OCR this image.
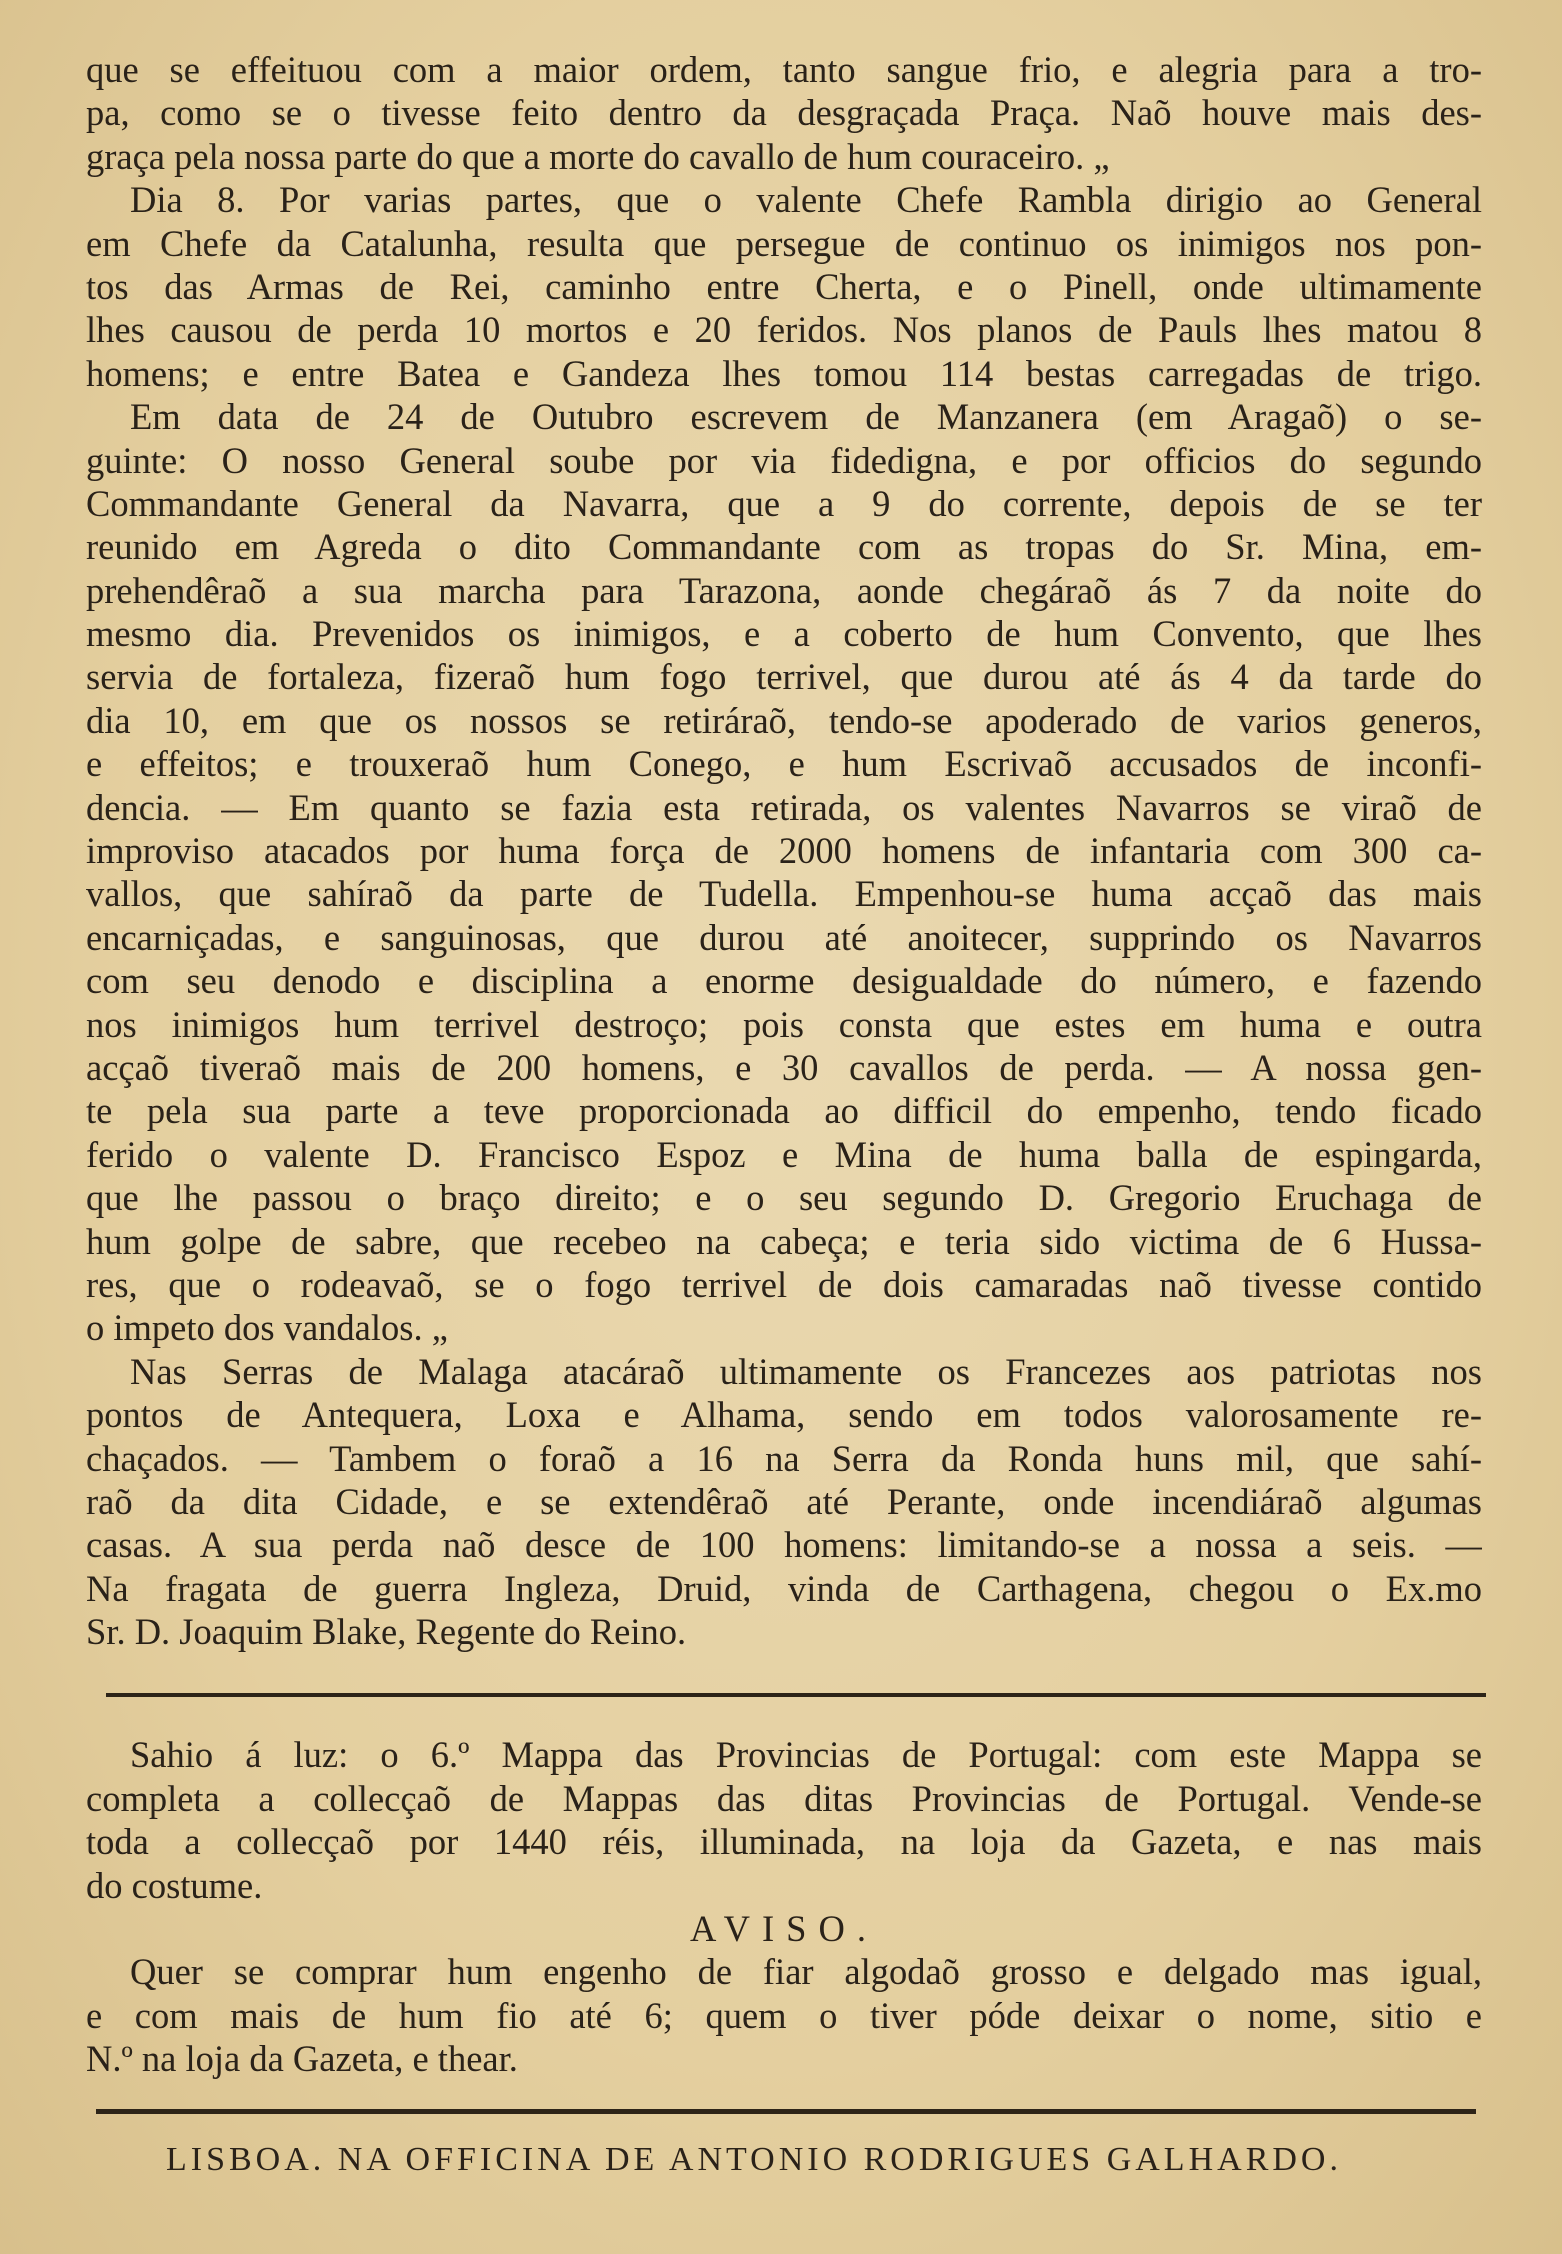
que se effeituou com a maior ordem, tanto sangue frio, e alegria para a tro-

pa, como se o tivesse feito dentro da desgraçada Praça. Naõ houve mais des-

graça pela nossa parte do que a morte do cavallo de hum couraceiro. „

Dia 8. Por varias partes, que o valente Chefe Rambla dirigio ao General

em Chefe da Catalunha, resulta que persegue de continuo os inimigos nos pon-

tos das Armas de Rei, caminho entre Cherta, e o Pinell, onde ultimamente

lhes causou de perda 10 mortos e 20 feridos. Nos planos de Pauls lhes matou 8

homens; e entre Batea e Gandeza lhes tomou 114 bestas carregadas de trigo.

Em data de 24 de Outubro escrevem de Manzanera (em Aragaõ) o se-

guinte: O nosso General soube por via fidedigna, e por officios do segundo

Commandante General da Navarra, que a 9 do corrente, depois de se ter

reunido em Agreda o dito Commandante com as tropas do Sr. Mina, em-

prehendêraõ a sua marcha para Tarazona, aonde chegáraõ ás 7 da noite do

mesmo dia. Prevenidos os inimigos, e a coberto de hum Convento, que lhes

servia de fortaleza, fizeraõ hum fogo terrivel, que durou até ás 4 da tarde do

dia 10, em que os nossos se retiráraõ, tendo-se apoderado de varios generos,

e effeitos; e trouxeraõ hum Conego, e hum Escrivaõ accusados de inconfi-

dencia. — Em quanto se fazia esta retirada, os valentes Navarros se viraõ de

improviso atacados por huma força de 2000 homens de infantaria com 300 ca-

vallos, que sahíraõ da parte de Tudella. Empenhou-se huma acçaõ das mais

encarniçadas, e sanguinosas, que durou até anoitecer, supprindo os Navarros

com seu denodo e disciplina a enorme desigualdade do número, e fazendo

nos inimigos hum terrivel destroço; pois consta que estes em huma e outra

acçaõ tiveraõ mais de 200 homens, e 30 cavallos de perda. — A nossa gen-

te pela sua parte a teve proporcionada ao difficil do empenho, tendo ficado

ferido o valente D. Francisco Espoz e Mina de huma balla de espingarda,

que lhe passou o braço direito; e o seu segundo D. Gregorio Eruchaga de

hum golpe de sabre, que recebeo na cabeça; e teria sido victima de 6 Hussa-

res, que o rodeavaõ, se o fogo terrivel de dois camaradas naõ tivesse contido

o impeto dos vandalos. „

Nas Serras de Malaga atacáraõ ultimamente os Francezes aos patriotas nos

pontos de Antequera, Loxa e Alhama, sendo em todos valorosamente re-

chaçados. — Tambem o foraõ a 16 na Serra da Ronda huns mil, que sahí-

raõ da dita Cidade, e se extendêraõ até Perante, onde incendiáraõ algumas

casas. A sua perda naõ desce de 100 homens: limitando-se a nossa a seis. —

Na fragata de guerra Ingleza, Druid, vinda de Carthagena, chegou o Ex.mo

Sr. D. Joaquim Blake, Regente do Reino.

Sahio á luz: o 6.º Mappa das Provincias de Portugal: com este Mappa se

completa a collecçaõ de Mappas das ditas Provincias de Portugal. Vende-se

toda a collecçaõ por 1440 réis, illuminada, na loja da Gazeta, e nas mais

do costume.

AVISO.

Quer se comprar hum engenho de fiar algodaõ grosso e delgado mas igual,

e com mais de hum fio até 6; quem o tiver póde deixar o nome, sitio e

N.º na loja da Gazeta, e thear.

LISBOA. NA OFFICINA DE ANTONIO RODRIGUES GALHARDO.
